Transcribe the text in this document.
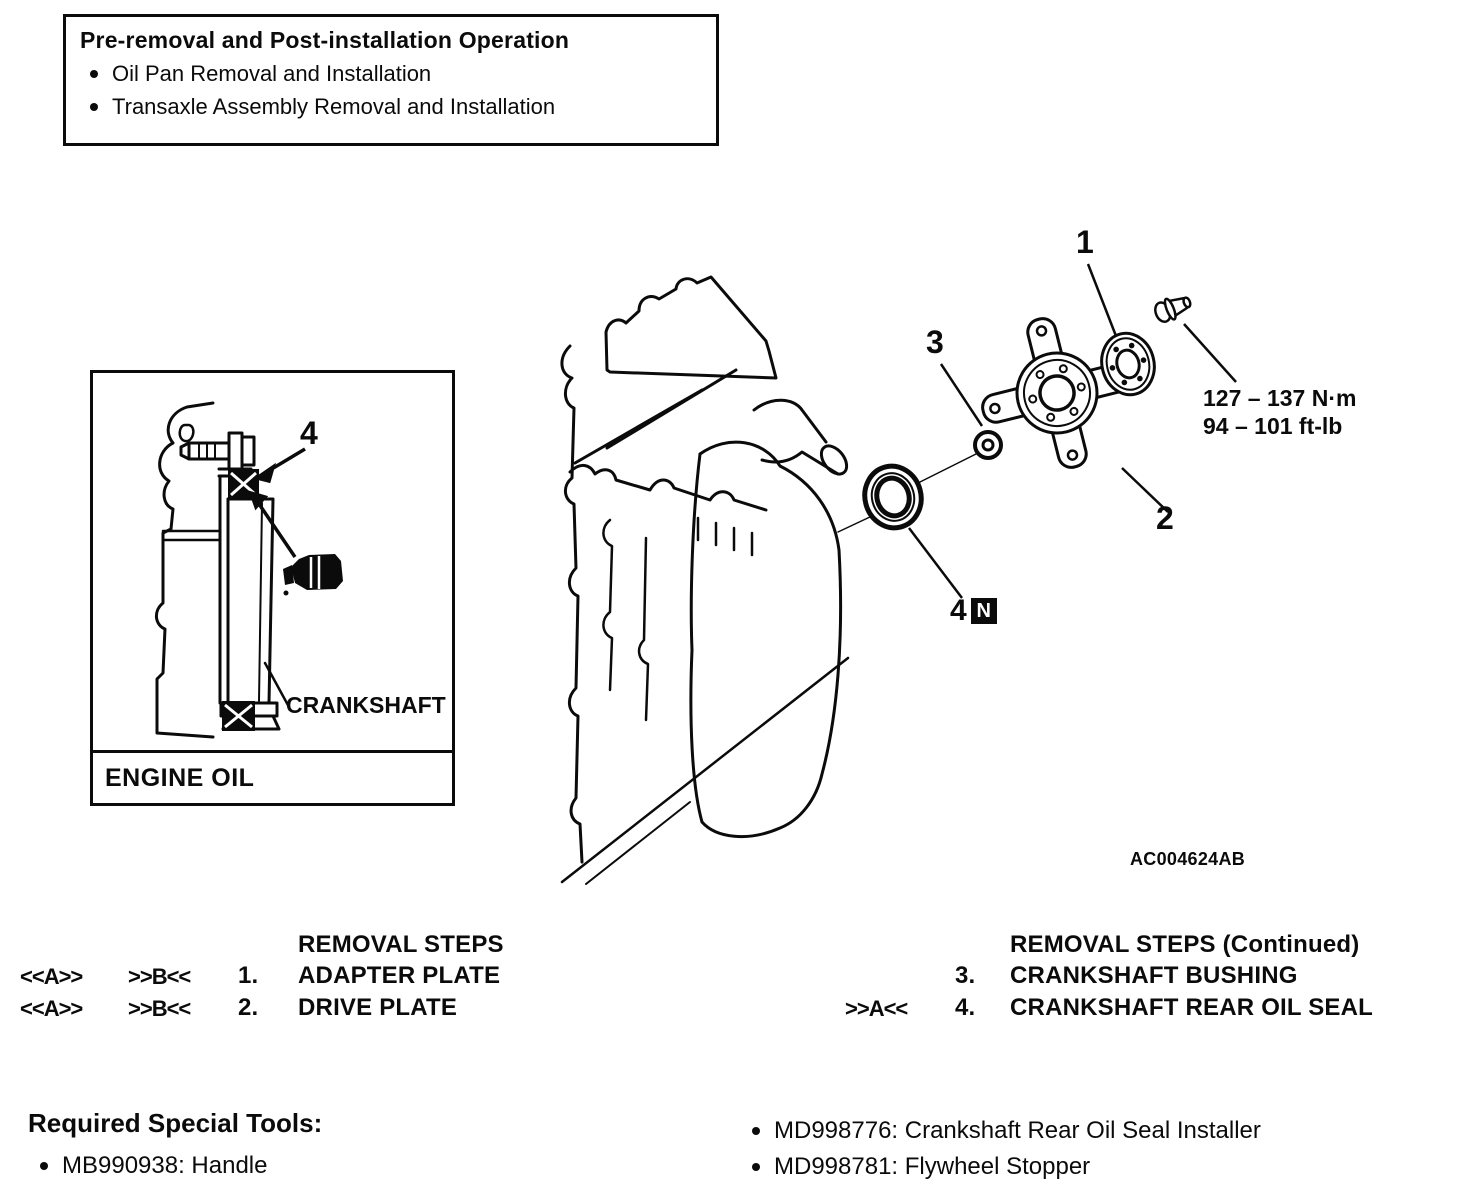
Pre-removal and Post-installation Operation
Oil Pan Removal and Installation
Transaxle Assembly Removal and Installation
ENGINE OIL
4
CRANKSHAFT
1
2
3
4 N
127 – 137 N·m
94 – 101 ft-lb
AC004624AB
REMOVAL STEPS
<<A>> >>B<< 1. ADAPTER PLATE
<<A>> >>B<< 2. DRIVE PLATE
REMOVAL STEPS (Continued)
3. CRANKSHAFT BUSHING
>>A<< 4. CRANKSHAFT REAR OIL SEAL
Required Special Tools:
MB990938: Handle
MD998776: Crankshaft Rear Oil Seal Installer
MD998781: Flywheel Stopper
